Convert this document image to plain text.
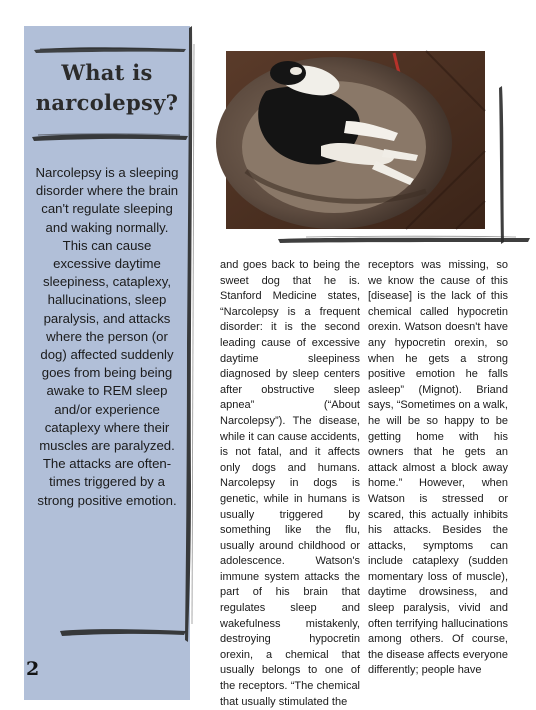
What is
narcolepsy?
Narcolepsy is a sleeping disorder where the brain can't regulate sleeping and waking normally. This can cause excessive daytime sleepiness, cataplexy, hallucinations, sleep paralysis, and attacks where the person (or dog) affected suddenly goes from being being awake to REM sleep and/or experience cataplexy where their muscles are paralyzed. The attacks are often-times triggered by a strong positive emotion.
and goes back to being the sweet dog that he is. Stanford Medicine states, “Narcolepsy is a frequent disorder: it is the second leading cause of excessive daytime sleepiness diagnosed by sleep centers after obstructive sleep apnea” (“About Narcolepsy”). The disease, while it can cause accidents, is not fatal, and it affects only dogs and humans. Narcolepsy in dogs is genetic, while in humans is usually triggered by something like the flu, usually around childhood or adolescence. Watson's immune system attacks the part of his brain that regulates sleep and wakefulness mistakenly, destroying hypocretin orexin, a chemical that usually belongs to one of the receptors. “The chemical that usually stimulated the
receptors was missing, so we know the cause of this [disease] is the lack of this chemical called hypocretin orexin. Watson doesn't have any hypocretin orexin, so when he gets a strong positive emotion he falls asleep” (Mignot). Briand says, “Sometimes on a walk, he will be so happy to be getting home with his owners that he gets an attack almost a block away home.” However, when Watson is stressed or scared, this actually inhibits his attacks. Besides the attacks, symptoms can include cataplexy (sudden momentary loss of muscle), daytime drowsiness, and sleep paralysis, vivid and often terrifying hallucinations among others. Of course, the disease affects everyone differently; people have
2
